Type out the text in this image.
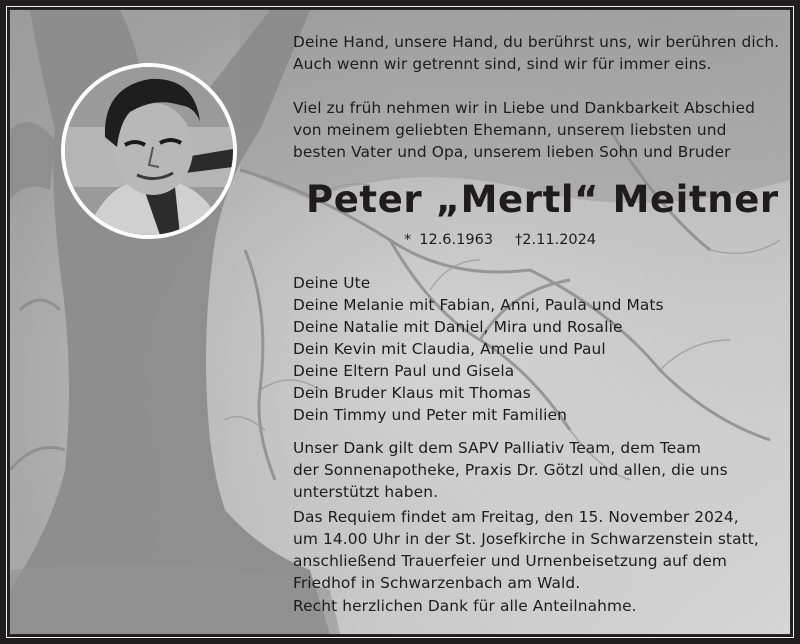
Deine Hand, unsere Hand, du berührst uns, wir berühren dich.
Auch wenn wir getrennt sind, sind wir für immer eins.
Viel zu früh nehmen wir in Liebe und Dankbarkeit Abschied
von meinem geliebten Ehemann, unserem liebsten und
besten Vater und Opa, unserem lieben Sohn und Bruder
Peter „Mertl“ Meitner
* 12.6.1963 †2.11.2024
Deine Ute
Deine Melanie mit Fabian, Anni, Paula und Mats
Deine Natalie mit Daniel, Mira und Rosalie
Dein Kevin mit Claudia, Amelie und Paul
Deine Eltern Paul und Gisela
Dein Bruder Klaus mit Thomas
Dein Timmy und Peter mit Familien
Unser Dank gilt dem SAPV Palliativ Team, dem Team
der Sonnenapotheke, Praxis Dr. Götzl und allen, die uns
unterstützt haben.
Das Requiem findet am Freitag, den 15. November 2024,
um 14.00 Uhr in der St. Josefkirche in Schwarzenstein statt,
anschließend Trauerfeier und Urnenbeisetzung auf dem
Friedhof in Schwarzenbach am Wald.
Recht herzlichen Dank für alle Anteilnahme.
